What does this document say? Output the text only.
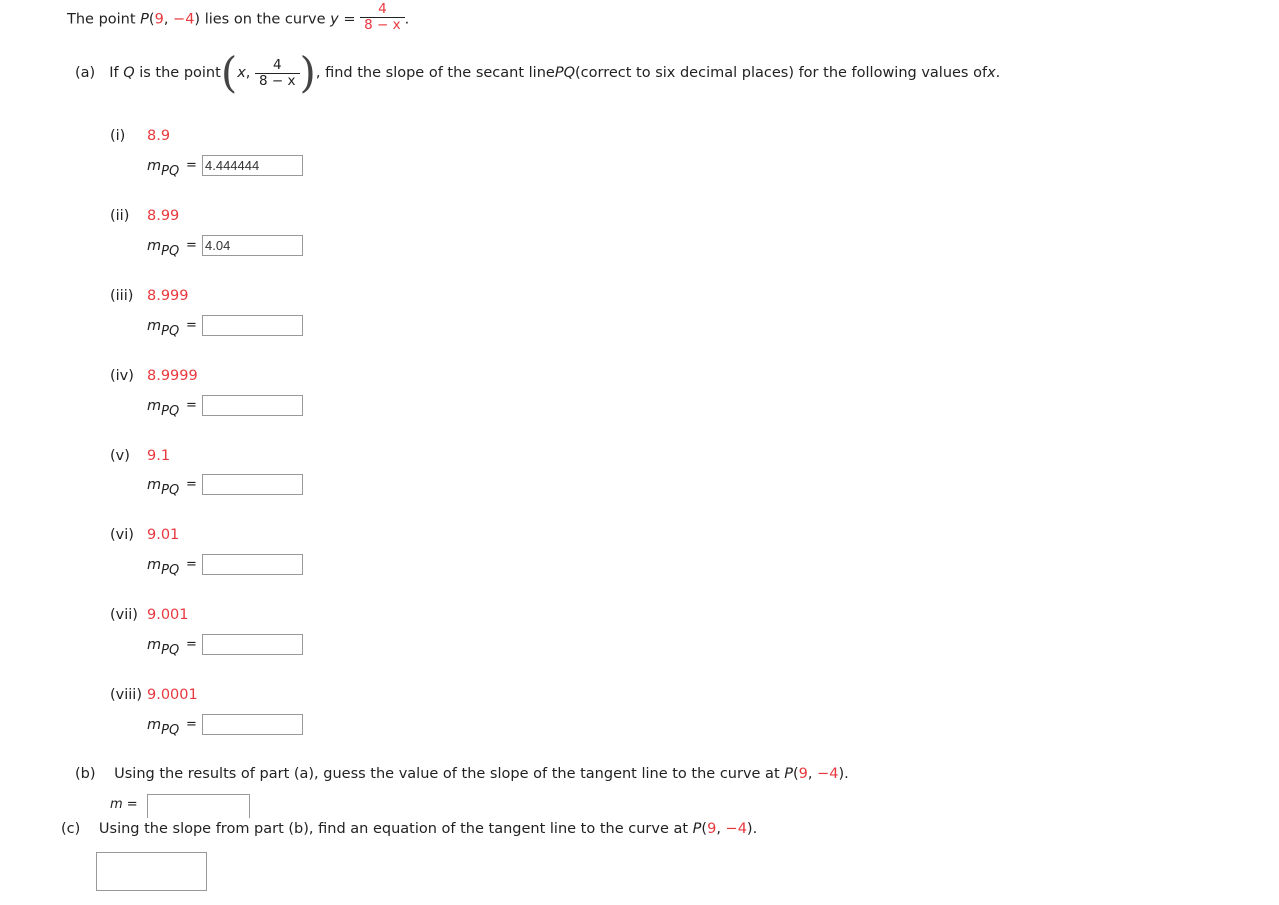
The point P(9, −4) lies on the curve $y = \frac{4}{8 - x}$ .
(a) If
Q
is the point ( x ,
$\frac{4}{8 - x}$ ) , find the slope of the secant line PQ (correct to six decimal places) for the following values of x .
(i) 8.9
mPQ =
4.444444
(ii) 8.99
mPQ =
4.04
(iii) 8.999
mPQ =
(iv) 8.9999
mPQ =
(v) 9.1
mPQ =
(vi) 9.01
mPQ =
(vii) 9.001
mPQ =
(viii) 9.0001
mPQ =
(b) Using the results of part (a), guess the value of the slope of the tangent line to the curve at P(9, −4).
m =
(c) Using the slope from part (b), find an equation of the tangent line to the curve at P(9, −4).
